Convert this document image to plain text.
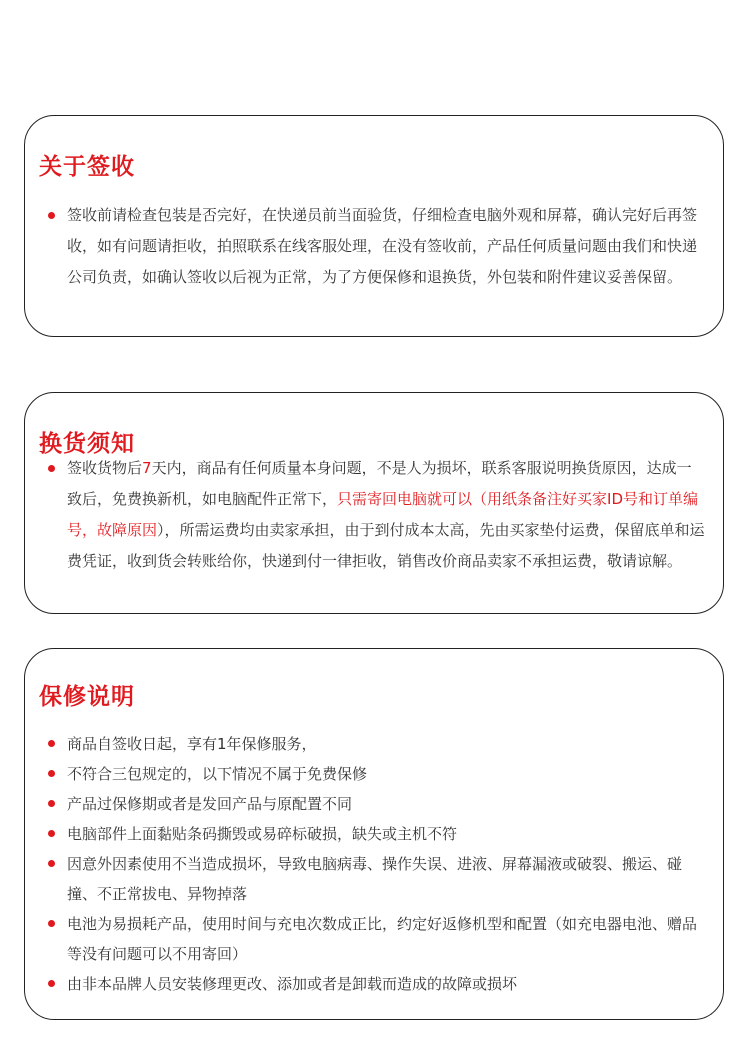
关于签收
签收前请检查包装是否完好，在快递员前当面验货，仔细检查电脑外观和屏幕，确认完好后再签收，如有问题请拒收，拍照联系在线客服处理，在没有签收前，产品任何质量问题由我们和快递公司负责，如确认签收以后视为正常，为了方便保修和退换货，外包装和附件建议妥善保留。
换货须知
签收货物后7天内，商品有任何质量本身问题，不是人为损坏，联系客服说明换货原因，达成一致后，免费换新机，如电脑配件正常下，只需寄回电脑就可以（用纸条备注好买家ID号和订单编号，故障原因），所需运费均由卖家承担，由于到付成本太高，先由买家垫付运费，保留底单和运费凭证，收到货会转账给你，快递到付一律拒收，销售改价商品卖家不承担运费，敬请谅解。
保修说明
商品自签收日起，享有1年保修服务，
不符合三包规定的，以下情况不属于免费保修
产品过保修期或者是发回产品与原配置不同
电脑部件上面黏贴条码撕毁或易碎标破损，缺失或主机不符
因意外因素使用不当造成损坏，导致电脑病毒、操作失误、进液、屏幕漏液或破裂、搬运、碰撞、不正常拔电、异物掉落
电池为易损耗产品，使用时间与充电次数成正比，约定好返修机型和配置（如充电器电池、赠品等没有问题可以不用寄回）
由非本品牌人员安装修理更改、添加或者是卸载而造成的故障或损坏
